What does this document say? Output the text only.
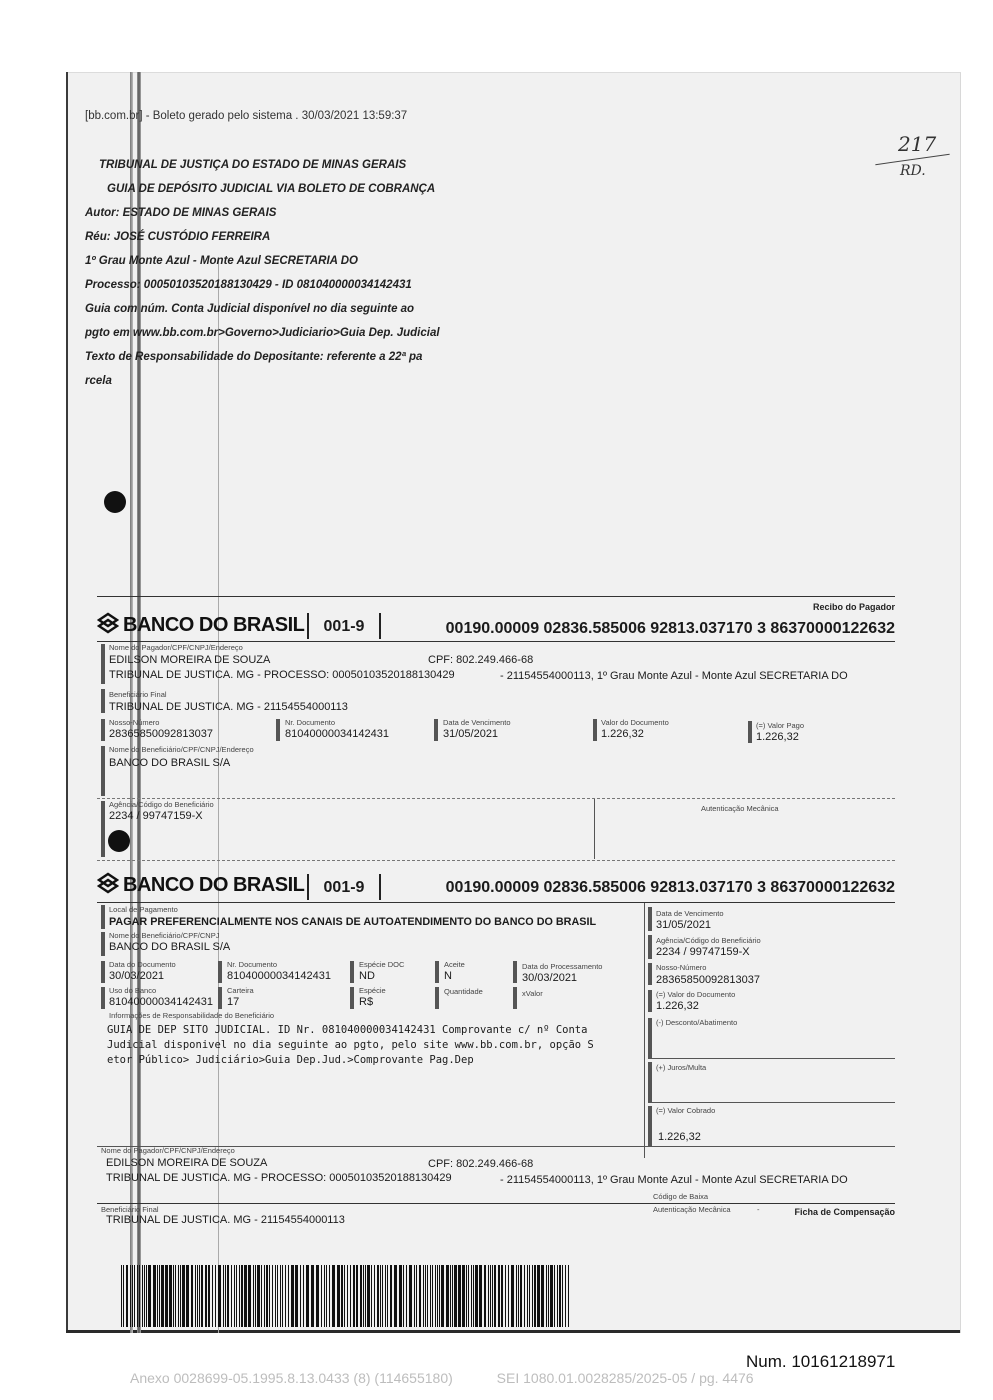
[bb.com.br] - Boleto gerado pelo sistema . 30/03/2021 13:59:37
217
RD.
TRIBUNAL DE JUSTIÇA DO ESTADO DE MINAS GERAIS
GUIA DE DEPÓSITO JUDICIAL VIA BOLETO DE COBRANÇA
Autor: ESTADO DE MINAS GERAIS
Réu: JOSÉ CUSTÓDIO FERREIRA
1º Grau Monte Azul - Monte Azul SECRETARIA DO
Processo: 00050103520188130429 - ID 081040000034142431
Guia com núm. Conta Judicial disponível no dia seguinte ao
pgto em www.bb.com.br>Governo>Judiciario>Guia Dep. Judicial
Texto de Responsabilidade do Depositante: referente a 22ª pa
rcela
Recibo do Pagador
BANCO DO BRASIL	001-9	00190.00009 02836.585006 92813.037170 3 86370000122632
Nome do Pagador/CPF/CNPJ/Endereço
EDILSON MOREIRA DE SOUZA	CPF: 802.249.466-68
TRIBUNAL DE JUSTICA. MG - PROCESSO: 00050103520188130429	- 21154554000113, 1º Grau Monte Azul - Monte Azul SECRETARIA DO
Beneficiário Final
TRIBUNAL DE JUSTICA. MG - 21154554000113
Nosso-Número
28365850092813037
Nr. Documento
81040000034142431
Data de Vencimento
31/05/2021
Valor do Documento
1.226,32
(=) Valor Pago
1.226,32
Nome do Beneficiário/CPF/CNPJ/Endereço
BANCO DO BRASIL S/A
Agência/Código do Beneficiário
2234 / 99747159-X
Autenticação Mecânica
BANCO DO BRASIL	001-9	00190.00009 02836.585006 92813.037170 3 86370000122632
Local de Pagamento
PAGAR PREFERENCIALMENTE NOS CANAIS DE AUTOATENDIMENTO DO BANCO DO BRASIL
Data de Vencimento
31/05/2021
Nome do Beneficiário/CPF/CNPJ
BANCO DO BRASIL S/A
Agência/Código do Beneficiário
2234 / 99747159-X
Data do Documento
30/03/2021
Nr. Documento
81040000034142431
Espécie DOC
ND
Aceite
N
Data do Processamento
30/03/2021
Nosso-Número
28365850092813037
Uso do Banco
81040000034142431
Carteira
17
Espécie
R$
Quantidade	xValor	(=) Valor do Documento
1.226,32
Informações de Responsabilidade do Beneficiário
GUIA DE DEP SITO JUDICIAL. ID Nr. 081040000034142431 Comprovante c/ nº Conta
Judicial disponivel no dia seguinte ao pgto, pelo site www.bb.com.br, opção S
etor Público> Judiciário>Guia Dep.Jud.>Comprovante Pag.Dep
(-) Desconto/Abatimento
(+) Juros/Multa
(=) Valor Cobrado
1.226,32
Nome do Pagador/CPF/CNPJ/Endereço
EDILSON MOREIRA DE SOUZA	CPF: 802.249.466-68
TRIBUNAL DE JUSTICA. MG - PROCESSO: 00050103520188130429	- 21154554000113, 1º Grau Monte Azul - Monte Azul SECRETARIA DO
Código de Baixa
Beneficiário Final
TRIBUNAL DE JUSTICA. MG - 21154554000113
Autenticação Mecânica	-	Ficha de Compensação
Num. 10161218971
Anexo 0028699-05.1995.8.13.0433 (8) (114655180)	SEI 1080.01.0028285/2025-05 / pg. 4476
